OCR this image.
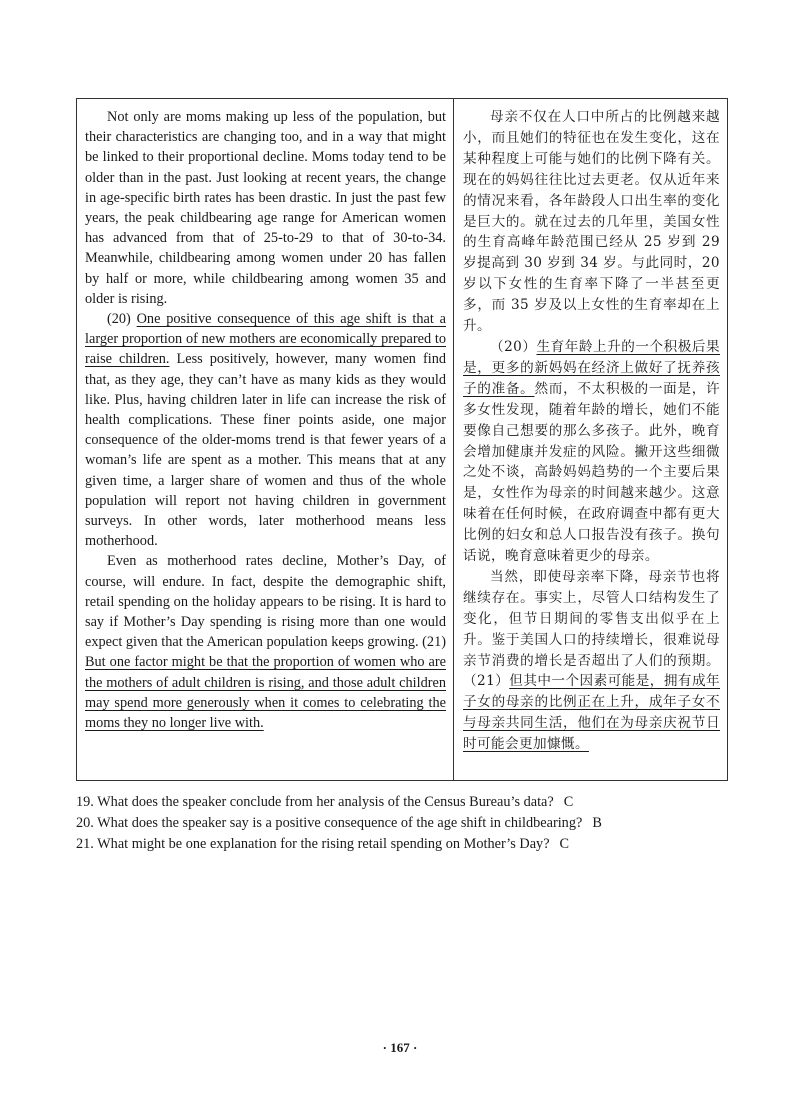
Not only are moms making up less of the population, but their characteristics are changing too, and in a way that might be linked to their proportional decline. Moms today tend to be older than in the past. Just looking at recent years, the change in age-specific birth rates has been drastic. In just the past few years, the peak childbearing age range for American women has advanced from that of 25-to-29 to that of 30-to-34. Meanwhile, childbearing among women under 20 has fallen by half or more, while childbearing among women 35 and older is rising.

(20) One positive consequence of this age shift is that a larger proportion of new mothers are economically prepared to raise children. Less positively, however, many women find that, as they age, they can’t have as many kids as they would like. Plus, having children later in life can increase the risk of health complications. These finer points aside, one major consequence of the older-moms trend is that fewer years of a woman’s life are spent as a mother. This means that at any given time, a larger share of women and thus of the whole population will report not having children in government surveys. In other words, later motherhood means less motherhood.

Even as motherhood rates decline, Mother’s Day, of course, will endure. In fact, despite the demographic shift, retail spending on the holiday appears to be rising. It is hard to say if Mother’s Day spending is rising more than one would expect given that the American population keeps growing. (21) But one factor might be that the proportion of women who are the mothers of adult children is rising, and those adult children may spend more generously when it comes to celebrating the moms they no longer live with.

母亲不仅在人口中所占的比例越来越小，而且她们的特征也在发生变化，这在某种程度上可能与她们的比例下降有关。现在的妈妈往往比过去更老。仅从近年来的情况来看，各年龄段人口出生率的变化是巨大的。就在过去的几年里，美国女性的生育高峰年龄范围已经从 25 岁到 29 岁提高到 30 岁到 34 岁。与此同时，20 岁以下女性的生育率下降了一半甚至更多，而 35 岁及以上女性的生育率却在上升。

（20）生育年龄上升的一个积极后果是，更多的新妈妈在经济上做好了抚养孩子的准备。然而，不太积极的一面是，许多女性发现，随着年龄的增长，她们不能要像自己想要的那么多孩子。此外，晚育会增加健康并发症的风险。撇开这些细微之处不谈，高龄妈妈趋势的一个主要后果是，女性作为母亲的时间越来越少。这意味着在任何时候，在政府调查中都有更大比例的妇女和总人口报告没有孩子。换句话说，晚育意味着更少的母亲。

当然，即使母亲率下降，母亲节也将继续存在。事实上，尽管人口结构发生了变化，但节日期间的零售支出似乎在上升。鉴于美国人口的持续增长，很难说母亲节消费的增长是否超出了人们的预期。（21）但其中一个因素可能是，拥有成年子女的母亲的比例正在上升，成年子女不与母亲共同生活，他们在为母亲庆祝节日时可能会更加慷慨。

19. What does the speaker conclude from her analysis of the Census Bureau’s data? C
20. What does the speaker say is a positive consequence of the age shift in childbearing? B
21. What might be one explanation for the rising retail spending on Mother’s Day? C
· 167 ·
